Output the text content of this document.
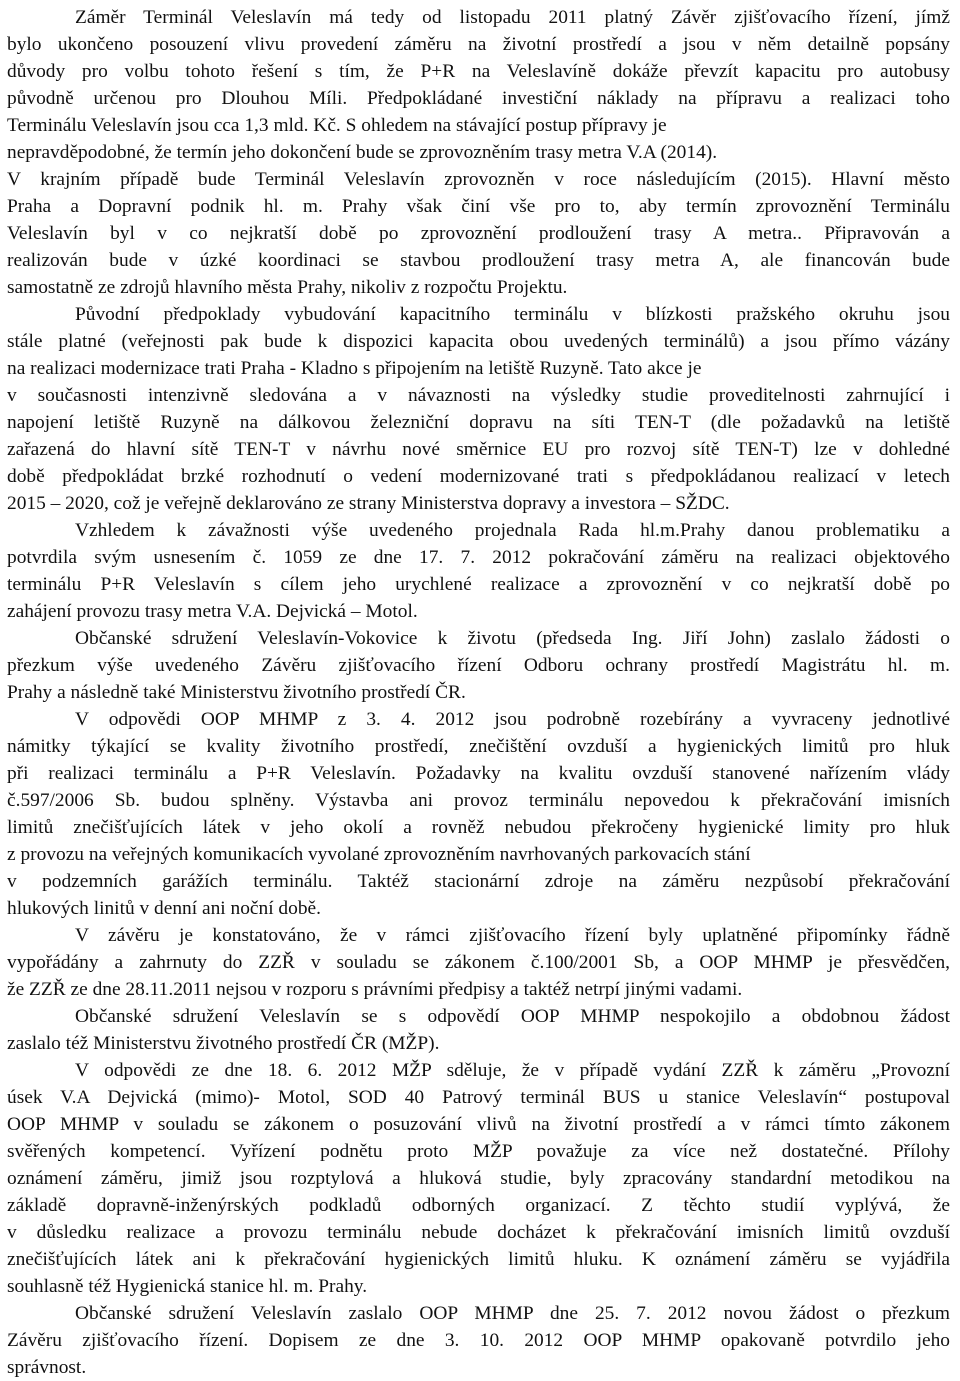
Záměr Terminál Veleslavín má tedy od listopadu 2011 platný Závěr zjišťovacího řízení, jímž
bylo ukončeno posouzení vlivu provedení záměru na životní prostředí a jsou v něm detailně popsány
důvody pro volbu tohoto řešení s tím, že P+R na Veleslavíně dokáže převzít kapacitu pro autobusy
původně určenou pro Dlouhou Míli. Předpokládané investiční náklady na přípravu a realizaci toho
Terminálu Veleslavín jsou cca 1,3 mld. Kč. S ohledem na stávající postup přípravy je
nepravděpodobné, že termín jeho dokončení bude se zprovozněním trasy metra V.A (2014).
V krajním případě bude Terminál Veleslavín zprovozněn v roce následujícím (2015). Hlavní město
Praha a Dopravní podnik hl. m. Prahy však činí vše pro to, aby termín zprovoznění Terminálu
Veleslavín byl v co nejkratší době po zprovoznění prodloužení trasy A metra.. Připravován a
realizován bude v úzké koordinaci se stavbou prodloužení trasy metra A, ale financován bude
samostatně ze zdrojů hlavního města Prahy, nikoliv z rozpočtu Projektu.
Původní předpoklady vybudování kapacitního terminálu v blízkosti pražského okruhu jsou
stále platné (veřejnosti pak bude k dispozici kapacita obou uvedených terminálů) a jsou přímo vázány
na realizaci modernizace trati Praha - Kladno s připojením na letiště Ruzyně. Tato akce je
v současnosti intenzivně sledována a v návaznosti na výsledky studie proveditelnosti zahrnující i
napojení letiště Ruzyně na dálkovou železniční dopravu na síti TEN-T (dle požadavků na letiště
zařazená do hlavní sítě TEN-T v návrhu nové směrnice EU pro rozvoj sítě TEN-T) lze v dohledné
době předpokládat brzké rozhodnutí o vedení modernizované trati s předpokládanou realizací v letech
2015 – 2020, což je veřejně deklarováno ze strany Ministerstva dopravy a investora – SŽDC.
Vzhledem k závažnosti výše uvedeného projednala Rada hl.m.Prahy danou problematiku a
potvrdila svým usnesením č. 1059 ze dne 17. 7. 2012 pokračování záměru na realizaci objektového
terminálu P+R Veleslavín s cílem jeho urychlené realizace a zprovoznění v co nejkratší době po
zahájení provozu trasy metra V.A. Dejvická – Motol.
Občanské sdružení Veleslavín-Vokovice k životu (předseda Ing. Jiří John) zaslalo žádosti o
přezkum výše uvedeného Závěru zjišťovacího řízení Odboru ochrany prostředí Magistrátu hl. m.
Prahy a následně také Ministerstvu životního prostředí ČR.
V odpovědi OOP MHMP z 3. 4. 2012 jsou podrobně rozebírány a vyvraceny jednotlivé
námitky týkající se kvality životního prostředí, znečištění ovzduší a hygienických limitů pro hluk
při realizaci terminálu a P+R Veleslavín. Požadavky na kvalitu ovzduší stanovené nařízením vlády
č.597/2006 Sb. budou splněny. Výstavba ani provoz terminálu nepovedou k překračování imisních
limitů znečišťujících látek v jeho okolí a rovněž nebudou překročeny hygienické limity pro hluk
z provozu na veřejných komunikacích vyvolané zprovozněním navrhovaných parkovacích stání
v podzemních garážích terminálu. Taktéž stacionární zdroje na záměru nezpůsobí překračování
hlukových linitů v denní ani noční době.
V závěru je konstatováno, že v rámci zjišťovacího řízení byly uplatněné připomínky řádně
vypořádány a zahrnuty do ZZŘ v souladu se zákonem č.100/2001 Sb, a OOP MHMP je přesvědčen,
že ZZŘ ze dne 28.11.2011 nejsou v rozporu s právními předpisy a taktéž netrpí jinými vadami.
Občanské sdružení Veleslavín se s odpovědí OOP MHMP nespokojilo a obdobnou žádost
zaslalo též Ministerstvu životného prostředí ČR (MŽP).
V odpovědi ze dne 18. 6. 2012 MŽP sděluje, že v případě vydání ZZŘ k záměru „Provozní
úsek V.A Dejvická (mimo)- Motol, SOD 40 Patrový terminál BUS u stanice Veleslavín“ postupoval
OOP MHMP v souladu se zákonem o posuzování vlivů na životní prostředí a v rámci tímto zákonem
svěřených kompetencí. Vyřízení podnětu proto MŽP považuje za více než dostatečné. Přílohy
oznámení záměru, jimiž jsou rozptylová a hluková studie, byly zpracovány standardní metodikou na
základě dopravně-inženýrských podkladů odborných organizací. Z těchto studií vyplývá, že
v důsledku realizace a provozu terminálu nebude docházet k překračování imisních limitů ovzduší
znečišťujících látek ani k překračování hygienických limitů hluku. K oznámení záměru se vyjádřila
souhlasně též Hygienická stanice hl. m. Prahy.
Občanské sdružení Veleslavín zaslalo OOP MHMP dne 25. 7. 2012 novou žádost o přezkum
Závěru zjišťovacího řízení. Dopisem ze dne 3. 10. 2012 OOP MHMP opakovaně potvrdilo jeho
správnost.
